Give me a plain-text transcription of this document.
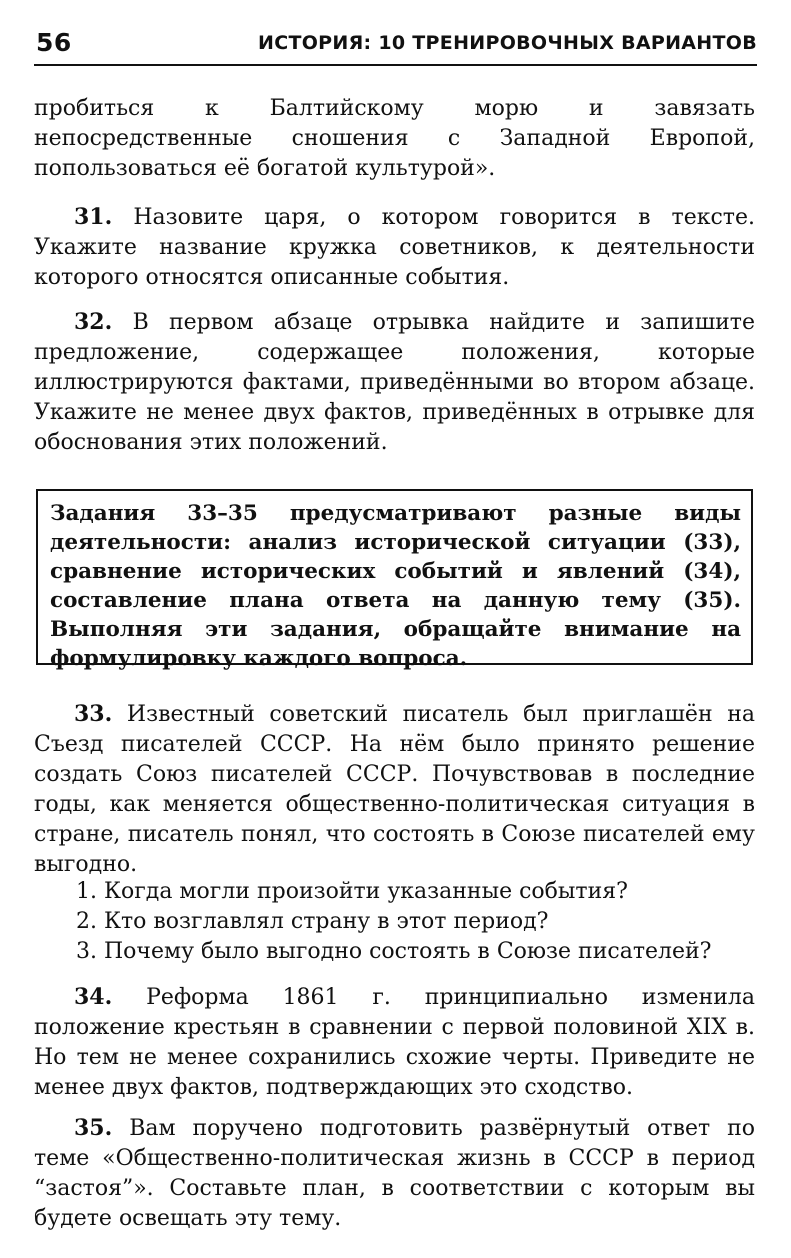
56	ИСТОРИЯ: 10 ТРЕНИРОВОЧНЫХ ВАРИАНТОВ

пробиться к Балтийскому морю и завязать непосредственные сношения с Западной Европой, попользоваться её богатой культурой».

31. Назовите царя, о котором говорится в тексте. Укажите название кружка советников, к деятельности которого относятся описанные события.

32. В первом абзаце отрывка найдите и запишите предложение, содержащее положения, которые иллюстрируются фактами, приведёнными во втором абзаце. Укажите не менее двух фактов, приведённых в отрывке для обоснования этих положений.

Задания 33–35 предусматривают разные виды деятельности: анализ исторической ситуации (33), сравнение исторических событий и явлений (34), составление плана ответа на данную тему (35). Выполняя эти задания, обращайте внимание на формулировку каждого вопроса.

33. Известный советский писатель был приглашён на Съезд писателей СССР. На нём было принято решение создать Союз писателей СССР. Почувствовав в последние годы, как меняется общественно-политическая ситуация в стране, писатель понял, что состоять в Союзе писателей ему выгодно.

1. Когда могли произойти указанные события?
2. Кто возглавлял страну в этот период?
3. Почему было выгодно состоять в Союзе писателей?

34. Реформа 1861 г. принципиально изменила положение крестьян в сравнении с первой половиной XIX в. Но тем не менее сохранились схожие черты. Приведите не менее двух фактов, подтверждающих это сходство.

35. Вам поручено подготовить развёрнутый ответ по теме «Общественно-политическая жизнь в СССР в период “застоя”». Составьте план, в соответствии с которым вы будете освещать эту тему.
